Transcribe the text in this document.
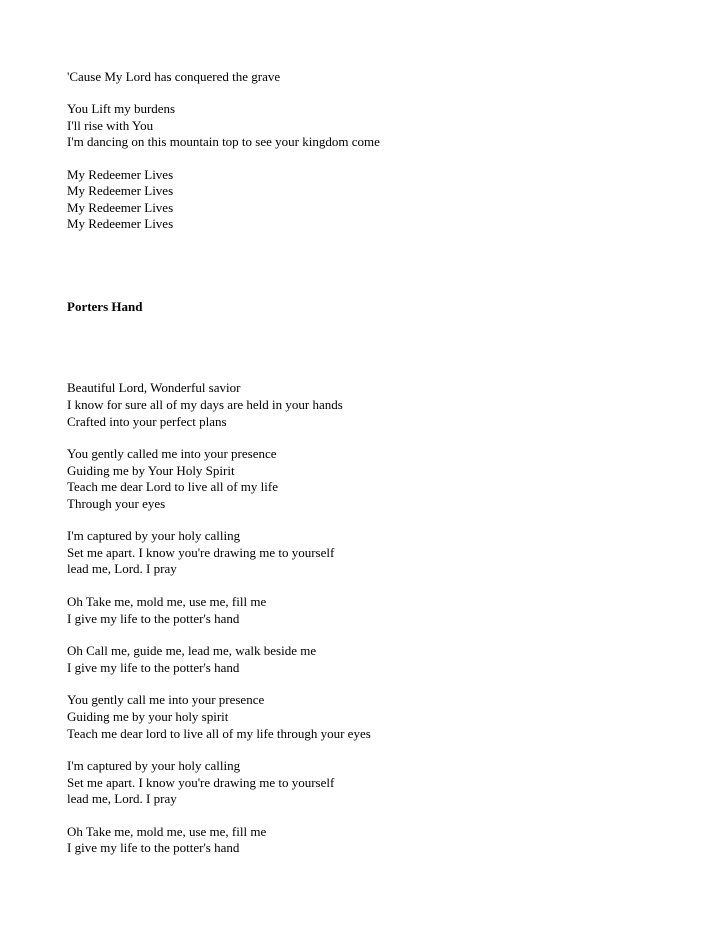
'Cause My Lord has conquered the grave
You Lift my burdens
I'll rise with You
I'm dancing on this mountain top to see your kingdom come
My Redeemer Lives
My Redeemer Lives
My Redeemer Lives
My Redeemer Lives
Porters Hand
Beautiful Lord, Wonderful savior
I know for sure all of my days are held in your hands
Crafted into your perfect plans
You gently called me into your presence
Guiding me by Your Holy Spirit
Teach me dear Lord to live all of my life
Through your eyes
I'm captured by your holy calling
Set me apart. I know you're drawing me to yourself
lead me, Lord. I pray
Oh Take me, mold me, use me, fill me
I give my life to the potter's hand
Oh Call me, guide me, lead me, walk beside me
I give my life to the potter's hand
You gently call me into your presence
Guiding me by your holy spirit
Teach me dear lord to live all of my life through your eyes
I'm captured by your holy calling
Set me apart. I know you're drawing me to yourself
lead me, Lord. I pray
Oh Take me, mold me, use me, fill me
I give my life to the potter's hand
